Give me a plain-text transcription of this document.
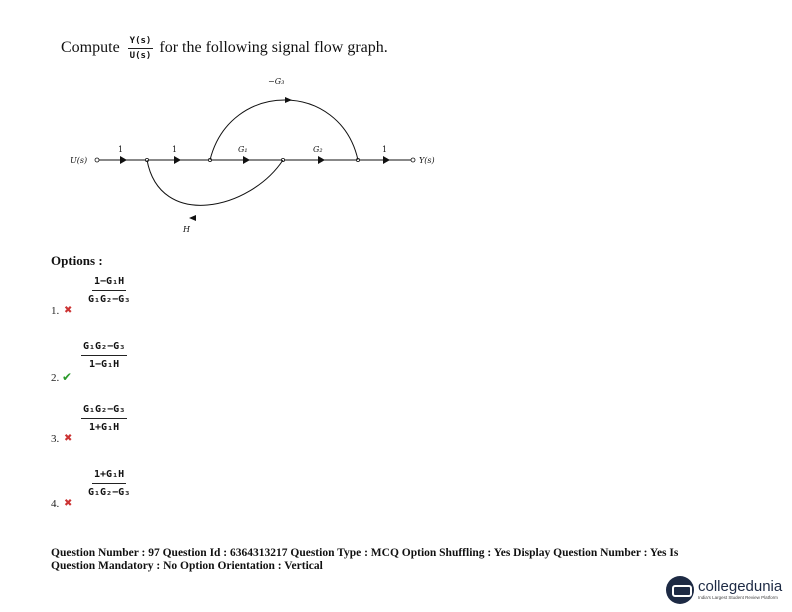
Compute $\frac{Y(s)}{U(s)}$ for the following signal flow graph.
U(s)	Y(s)
1	1	G₁	G₂	1
−G₃
H
Options :
$\frac{\text{1−G₁H}}{\text{G₁G₂−G₃}}$
1. ✖
$\frac{\text{G₁G₂−G₃}}{\text{1−G₁H}}$
2. ✔
$\frac{\text{G₁G₂−G₃}}{\text{1+G₁H}}$
3. ✖
$\frac{\text{1+G₁H}}{\text{G₁G₂−G₃}}$
4. ✖
Question Number : 97 Question Id : 6364313217 Question Type : MCQ Option Shuffling : Yes Display Question Number : Yes Is
Question Mandatory : No Option Orientation : Vertical
collegedunia
India's Largest Student Review Platform
